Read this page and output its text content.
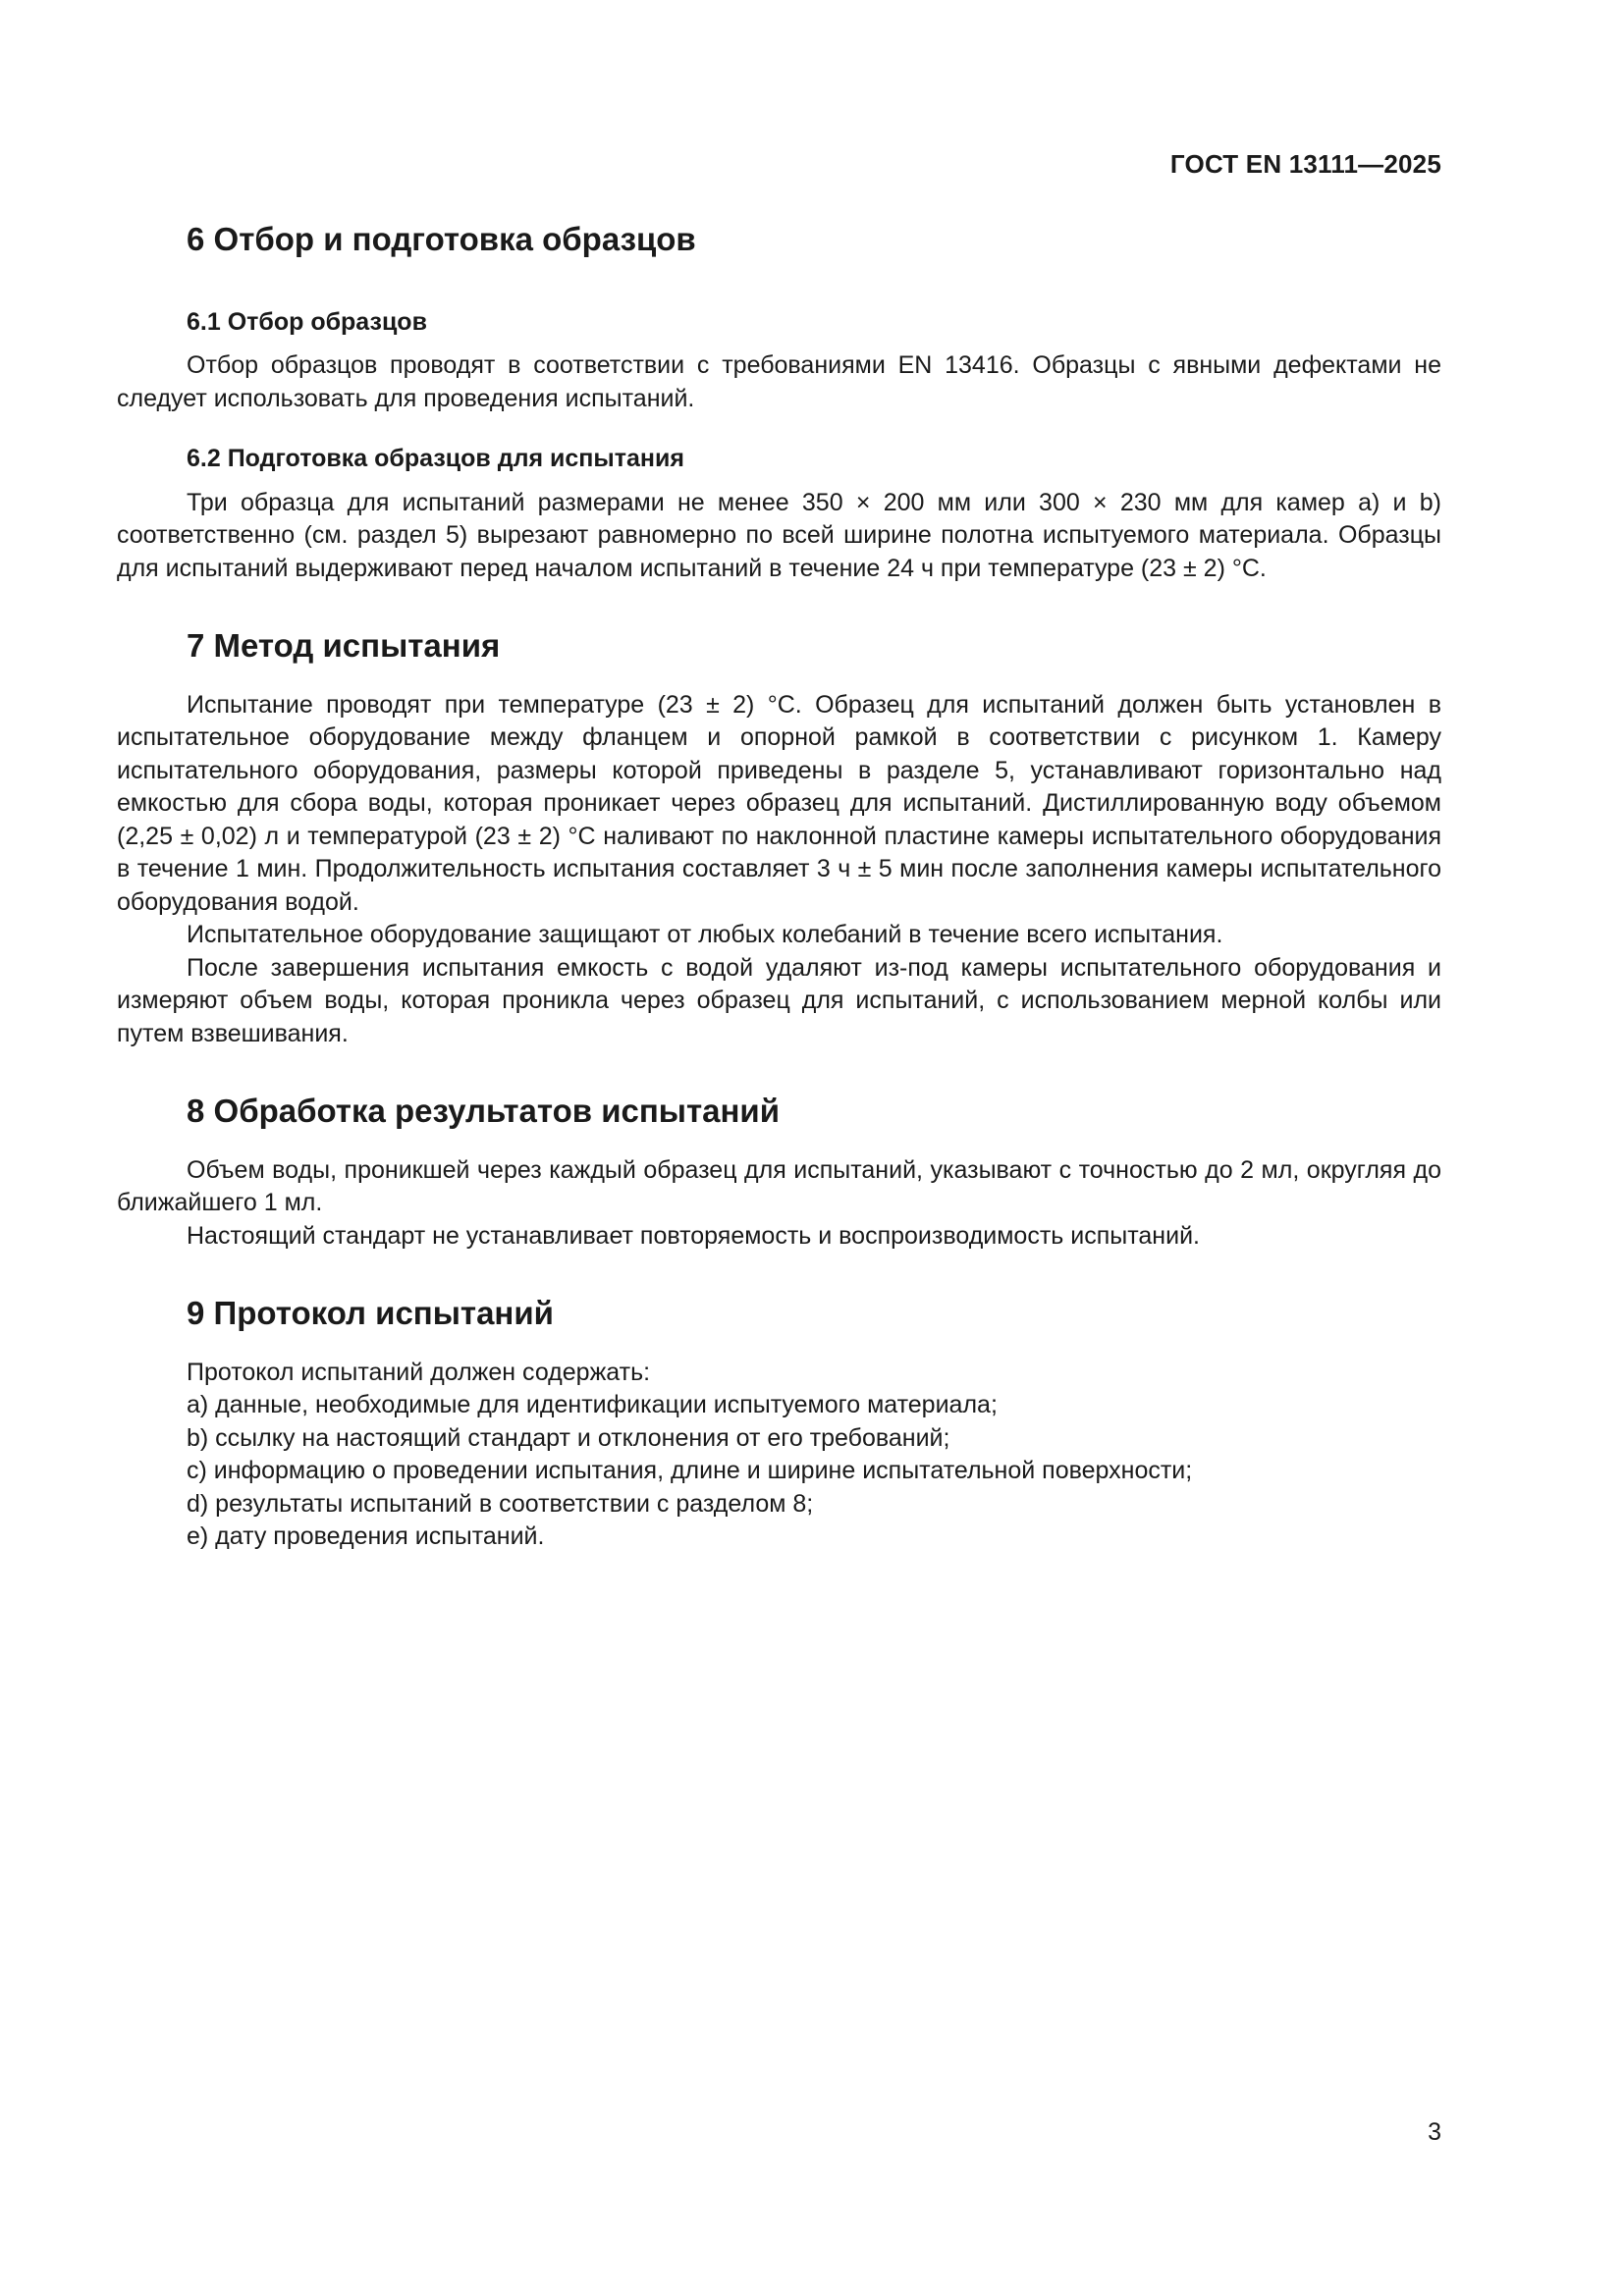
ГОСТ EN 13111—2025
6 Отбор и подготовка образцов
6.1 Отбор образцов

Отбор образцов проводят в соответствии с требованиями EN 13416. Образцы с явными дефектами не следует использовать для проведения испытаний.

6.2 Подготовка образцов для испытания

Три образца для испытаний размерами не менее 350 × 200 мм или 300 × 230 мм для камер a) и b) соответственно (см. раздел 5) вырезают равномерно по всей ширине полотна испытуемого материала. Образцы для испытаний выдерживают перед началом испытаний в течение 24 ч при температуре (23 ± 2) °C.

7 Метод испытания

Испытание проводят при температуре (23 ± 2) °C. Образец для испытаний должен быть установлен в испытательное оборудование между фланцем и опорной рамкой в соответствии с рисунком 1. Камеру испытательного оборудования, размеры которой приведены в разделе 5, устанавливают горизонтально над емкостью для сбора воды, которая проникает через образец для испытаний. Дистиллированную воду объемом (2,25 ± 0,02) л и температурой (23 ± 2) °C наливают по наклонной пластине камеры испытательного оборудования в течение 1 мин. Продолжительность испытания составляет 3 ч ± 5 мин после заполнения камеры испытательного оборудования водой.

Испытательное оборудование защищают от любых колебаний в течение всего испытания.

После завершения испытания емкость с водой удаляют из-под камеры испытательного оборудования и измеряют объем воды, которая проникла через образец для испытаний, с использованием мерной колбы или путем взвешивания.

8 Обработка результатов испытаний

Объем воды, проникшей через каждый образец для испытаний, указывают с точностью до 2 мл, округляя до ближайшего 1 мл.

Настоящий стандарт не устанавливает повторяемость и воспроизводимость испытаний.

9 Протокол испытаний

Протокол испытаний должен содержать:

a) данные, необходимые для идентификации испытуемого материала;
b) ссылку на настоящий стандарт и отклонения от его требований;
c) информацию о проведении испытания, длине и ширине испытательной поверхности;
d) результаты испытаний в соответствии с разделом 8;
e) дату проведения испытаний.
3
